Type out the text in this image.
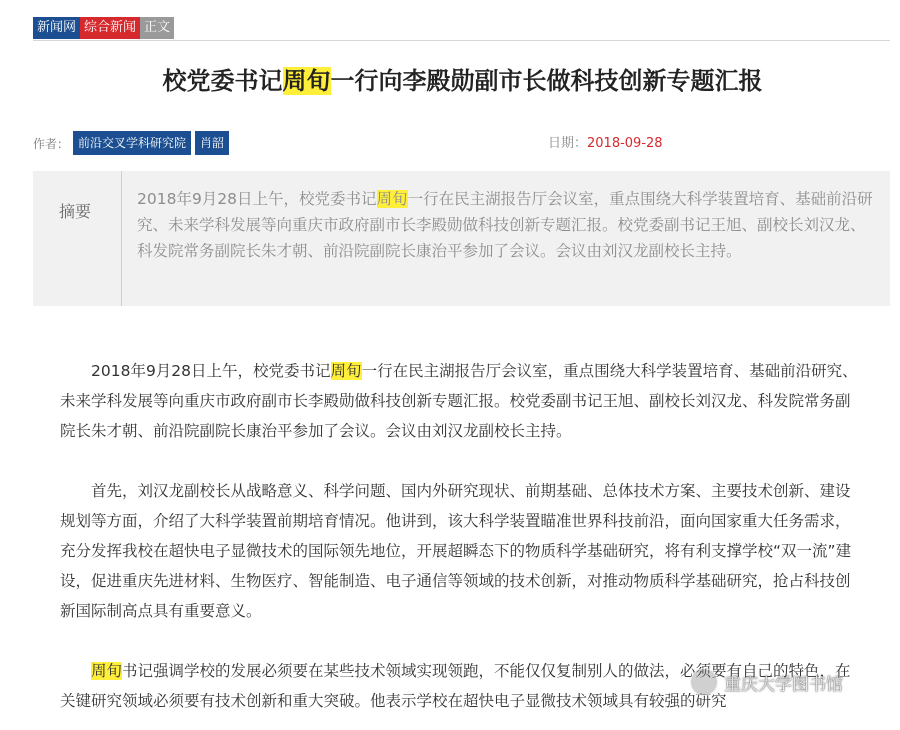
新闻网 综合新闻 正文
校党委书记周旬一行向李殿勋副市长做科技创新专题汇报
作者： 前沿交叉学科研究院	肖韶	日期：2018-09-28
摘要
2018年9月28日上午，校党委书记周旬一行在民主湖报告厅会议室，重点围绕大科学装置培育、基础前沿研究、未来学科发展等向重庆市政府副市长李殿勋做科技创新专题汇报。校党委副书记王旭、副校长刘汉龙、科发院常务副院长朱才朝、前沿院副院长康治平参加了会议。会议由刘汉龙副校长主持。

2018年9月28日上午，校党委书记周旬一行在民主湖报告厅会议室，重点围绕大科学装置培育、基础前沿研究、未来学科发展等向重庆市政府副市长李殿勋做科技创新专题汇报。校党委副书记王旭、副校长刘汉龙、科发院常务副院长朱才朝、前沿院副院长康治平参加了会议。会议由刘汉龙副校长主持。

首先，刘汉龙副校长从战略意义、科学问题、国内外研究现状、前期基础、总体技术方案、主要技术创新、建设规划等方面，介绍了大科学装置前期培育情况。他讲到，该大科学装置瞄准世界科技前沿，面向国家重大任务需求，充分发挥我校在超快电子显微技术的国际领先地位，开展超瞬态下的物质科学基础研究，将有利支撑学校“双一流”建设，促进重庆先进材料、生物医疗、智能制造、电子通信等领域的技术创新，对推动物质科学基础研究，抢占科技创新国际制高点具有重要意义。

周旬书记强调学校的发展必须要在某些技术领域实现领跑，不能仅仅复制别人的做法，必须要有自己的特色，在关键研究领域必须要有技术创新和重大突破。他表示学校在超快电子显微技术领域具有较强的研究

重庆大学图书馆
